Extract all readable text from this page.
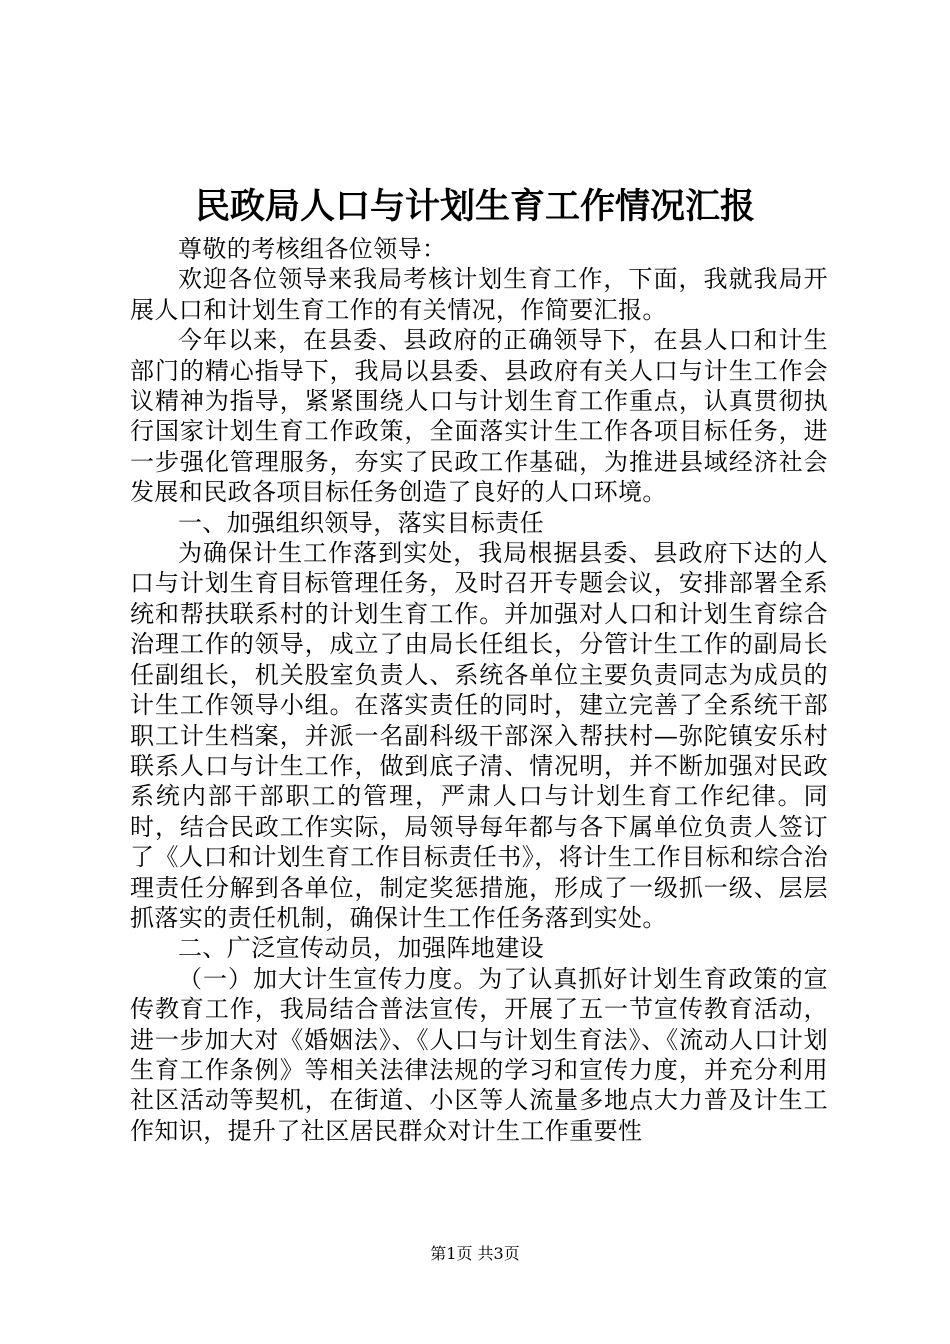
民政局人口与计划生育工作情况汇报

尊敬的考核组各位领导：

欢迎各位领导来我局考核计划生育工作，下面，我就我局开展人口和计划生育工作的有关情况，作简要汇报。

今年以来，在县委、县政府的正确领导下，在县人口和计生部门的精心指导下，我局以县委、县政府有关人口与计生工作会议精神为指导，紧紧围绕人口与计划生育工作重点，认真贯彻执行国家计划生育工作政策，全面落实计生工作各项目标任务，进一步强化管理服务，夯实了民政工作基础，为推进县域经济社会发展和民政各项目标任务创造了良好的人口环境。

一、加强组织领导，落实目标责任

为确保计生工作落到实处，我局根据县委、县政府下达的人口与计划生育目标管理任务，及时召开专题会议，安排部署全系统和帮扶联系村的计划生育工作。并加强对人口和计划生育综合治理工作的领导，成立了由局长任组长，分管计生工作的副局长任副组长，机关股室负责人、系统各单位主要负责同志为成员的计生工作领导小组。在落实责任的同时，建立完善了全系统干部职工计生档案，并派一名副科级干部深入帮扶村—弥陀镇安乐村联系人口与计生工作，做到底子清、情况明，并不断加强对民政系统内部干部职工的管理，严肃人口与计划生育工作纪律。同时，结合民政工作实际，局领导每年都与各下属单位负责人签订了《人口和计划生育工作目标责任书》，将计生工作目标和综合治理责任分解到各单位，制定奖惩措施，形成了一级抓一级、层层抓落实的责任机制，确保计生工作任务落到实处。

二、广泛宣传动员，加强阵地建设

（一）加大计生宣传力度。为了认真抓好计划生育政策的宣传教育工作，我局结合普法宣传，开展了五一节宣传教育活动，进一步加大对《婚姻法》、《人口与计划生育法》、《流动人口计划生育工作条例》等相关法律法规的学习和宣传力度，并充分利用社区活动等契机，在街道、小区等人流量多地点大力普及计生工作知识，提升了社区居民群众对计生工作重要性

第1页 共3页
